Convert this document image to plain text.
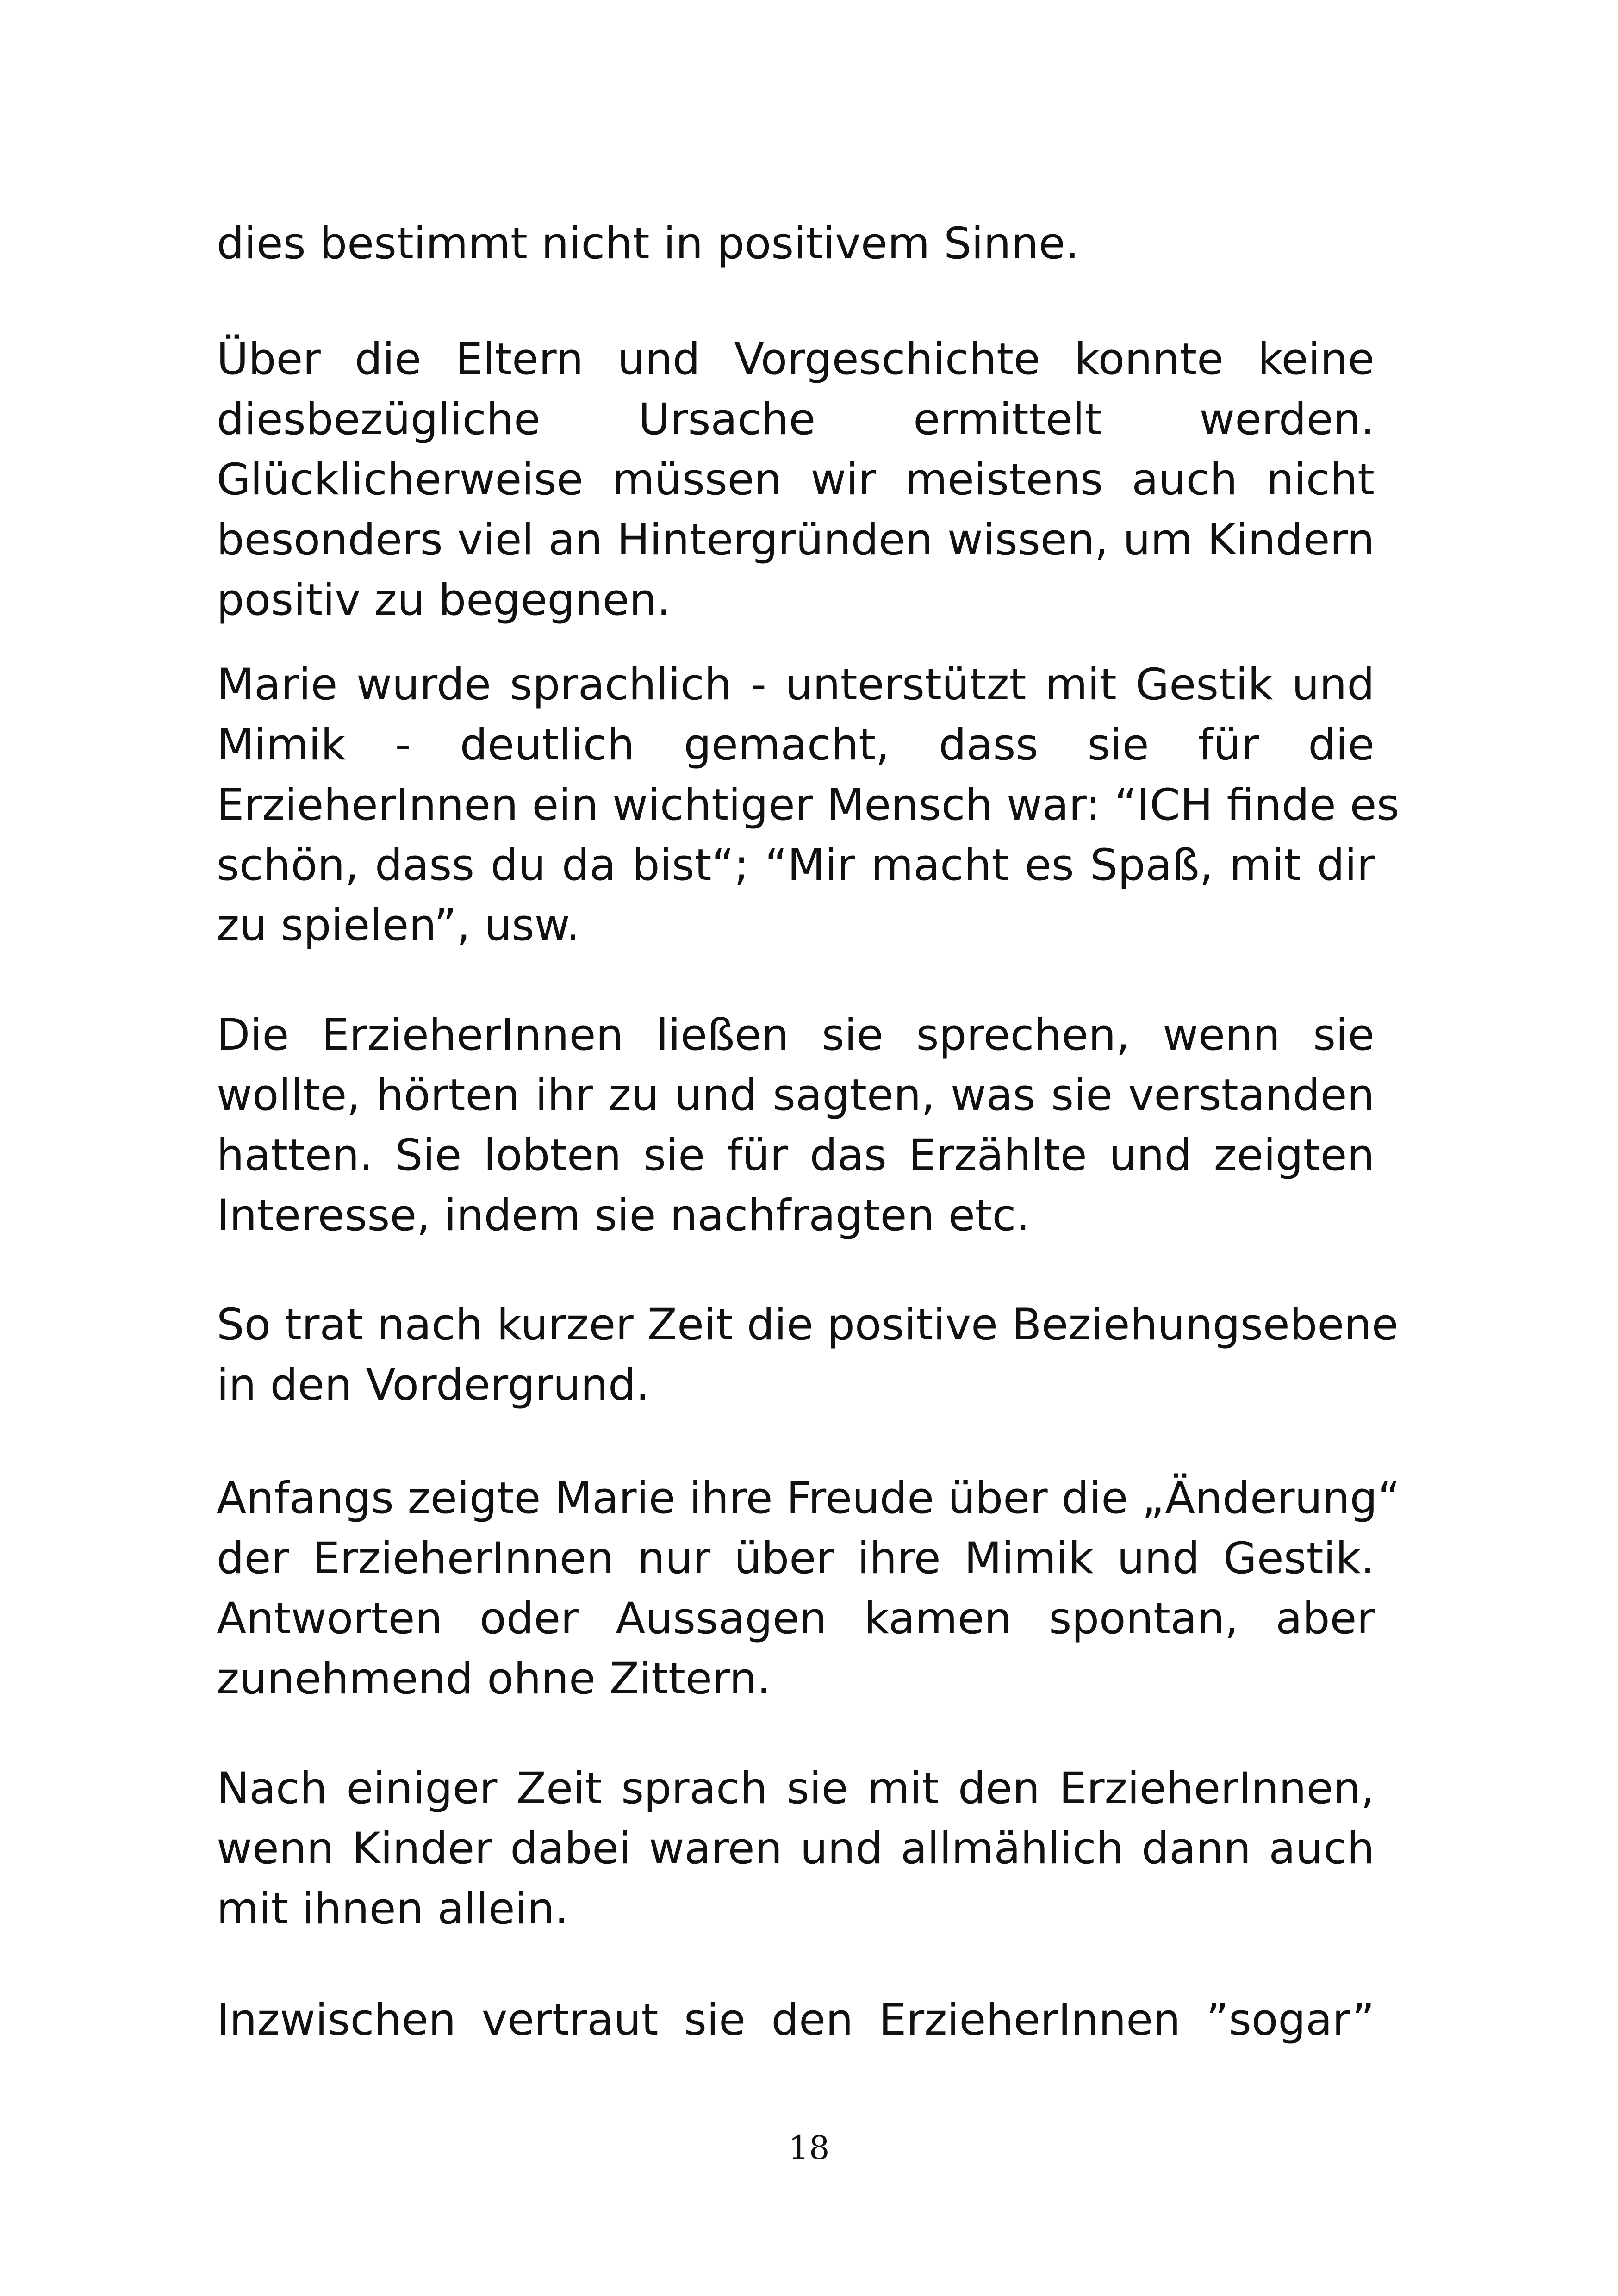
dies bestimmt nicht in positivem Sinne.

Über die Eltern und Vorgeschichte konnte keine
diesbezügliche Ursache ermittelt werden.
Glücklicherweise müssen wir meistens auch nicht
besonders viel an Hintergründen wissen, um Kindern
positiv zu begegnen.

Marie wurde sprachlich - unterstützt mit Gestik und
Mimik - deutlich gemacht, dass sie für die
ErzieherInnen ein wichtiger Mensch war: “ICH finde es
schön, dass du da bist“; “Mir macht es Spaß, mit dir
zu spielen”, usw.

Die ErzieherInnen ließen sie sprechen, wenn sie
wollte, hörten ihr zu und sagten, was sie verstanden
hatten. Sie lobten sie für das Erzählte und zeigten
Interesse, indem sie nachfragten etc.

So trat nach kurzer Zeit die positive Beziehungsebene
in den Vordergrund.

Anfangs zeigte Marie ihre Freude über die „Änderung“
der ErzieherInnen nur über ihre Mimik und Gestik.
Antworten oder Aussagen kamen spontan, aber
zunehmend ohne Zittern.

Nach einiger Zeit sprach sie mit den ErzieherInnen,
wenn Kinder dabei waren und allmählich dann auch
mit ihnen allein.

Inzwischen vertraut sie den ErzieherInnen ”sogar”

18
